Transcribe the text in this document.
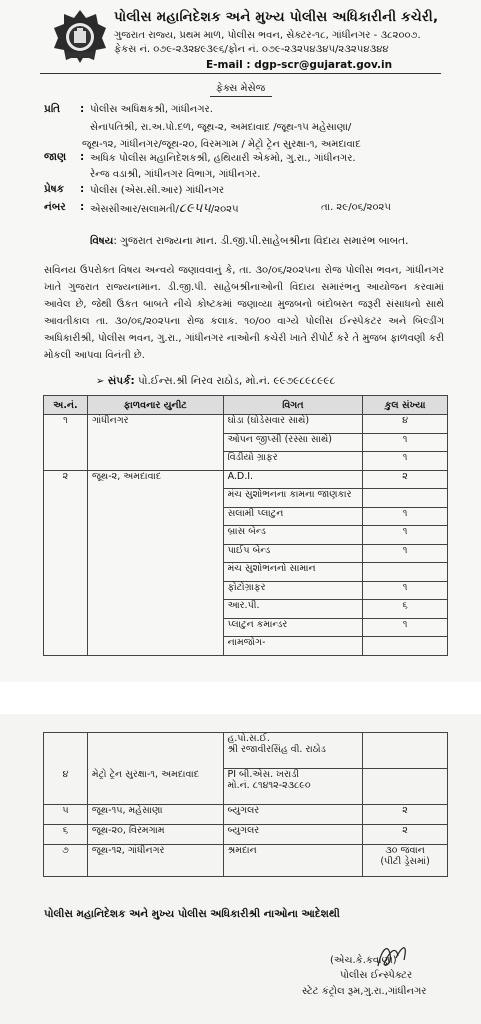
પોલીસ મહાનિદેશક અને મુખ્ય પોલીસ અધિકારીની કચેરી,
ગુજરાત રાજ્ય, પ્રથમ માળ, પોલીસ ભવન, સેક્ટર-૧૮, ગાંધીનગર - ૩૮૨૦૦૭.
ફેકસ નં. ૦૭૯-૨૩૨૪૯૩૯૬/ફોન નં. ૦૭૯-૨૩૨૫૪૩૪૫/૨૩૨૫૪૩૪૪
E-mail : dgp-scr@gujarat.gov.in
ફેક્સ મેસેજ
પ્રતિ : પોલીસ અધિક્ષકશ્રી, ગાંધીનગર.
સેનાપતિશ્રી, રા.અ.પો.દળ, જૂથ-૨, અમદાવાદ /જૂથ-૧૫ મહેસાણા/
જૂથ-૧૨, ગાંધીનગર/જૂથ-૨૦, વિરમગામ / મેટ્રો ટ્રેન સુરક્ષા-૧, અમદાવાદ
જાણ : અધિક પોલીસ મહાનિદેશકશ્રી, હથિયારી એકમો, ગુ.રા., ગાંધીનગર.
રેન્જ વડાશ્રી, ગાંધીનગર વિભાગ, ગાંધીનગર.
પ્રેષક : પોલીસ (એસ.સી.આર) ગાંધીનગર
નંબર : એસસીઆર/સલામતી/૮૯૫૫/૨૦૨૫	તા. ૨૯/૦૬/૨૦૨૫
વિષય: ગુજરાત રાજ્યના માન. ડી.જી.પી.સાહેબશ્રીના વિદાય સમારંભ બાબત.
સવિનય ઉપરોક્ત વિષય અન્વયે જણાવવાનું કે, તા. ૩૦/૦૬/૨૦૨૫ના રોજ પોલીસ ભવન, ગાંધીનગર ખાતે ગુજરાત રાજ્યનામાન. ડી.જી.પી. સાહેબશ્રીનાઓની વિદાય સમારંભનુ આયોજન કરવામાં આવેલ છે, જેથી ઉકત બાબતે નીચે કોષ્ટકમાં જણાવ્યા મુજબનો બંદોબસ્ત જરૂરી સંસાધનો સાથે આવતીકાલ તા. ૩૦/૦૬/૨૦૨૫ના રોજ કલાક. ૧૦/૦૦ વાગ્યે પોલીસ ઈન્સ્પેકટર અને બિલ્ડીંગ અધિકારીશ્રી, પોલીસ ભવન, ગુ.રા., ગાંધીનગર નાઓની કચેરી ખાતે રીપોર્ટ કરે તે મુજબ ફાળવણી કરી મોકલી આપવા વિનંતી છે.
➢ સંપર્ક: પો.ઈન્સ.શ્રી નિરવ રાઠોડ, મો.નં. ૯૯૭૯૮૯૮૯૯૮
અ.નં.	ફાળવનાર યુનીટ	વિગત	કુલ સંખ્યા
૧	ગાંધીનગર	ઘોડા (ઘોડેસવાર સાથે)	૪
		ઓપન જીપ્સી (રસ્સા સાથે)	૧
		વિડીયો ગ્રાફર	૧
૨	જૂથ-૨, અમદાવાદ	A.D.I.	૨
		મંચ સુશોભનના કામના જાણકાર	
		સલામી પ્લાટુન	૧
		બ્રાસ બેન્ડ	૧
		પાઈપ બેન્ડ	૧
		મંચ સુશોભનનો સામાન	
		ફોટોગ્રાફર	૧
		આર.પી.	૬
		પ્લાટુન કમાન્ડર	૧
		નામજોગ-	

		હ.પો.સ.ઈ.
શ્રી રજાવીરસિંહ વી. રાઠોડ	

૪	મેટ્રો ટ્રેન સુરક્ષા-૧, અમદાવાદ	PI બી.એસ. ખરાડી
મો.નં. ૮૧૪૧૨-૨૩૮૯૦	

૫	જૂથ-૧૫, મહેસાણા	બ્યુગલર	૨
૬	જૂથ-૨૦, વિરમગામ	બ્યુગલર	૨
૭	જૂથ-૧૨, ગાંધીનગર	શ્રમદાન	૩૦ જવાન
(પીટી ડ્રેસમાં)
પોલીસ મહાનિદેશક અને મુખ્ય પોલીસ અધિકારીશ્રી નાઓના આદેશથી
(એચ.કે.કવાણા)
પોલીસ ઈન્સ્પેક્ટર
સ્ટેટ કંટ્રોલ રૂમ,ગુ.રા.,ગાંધીનગર
